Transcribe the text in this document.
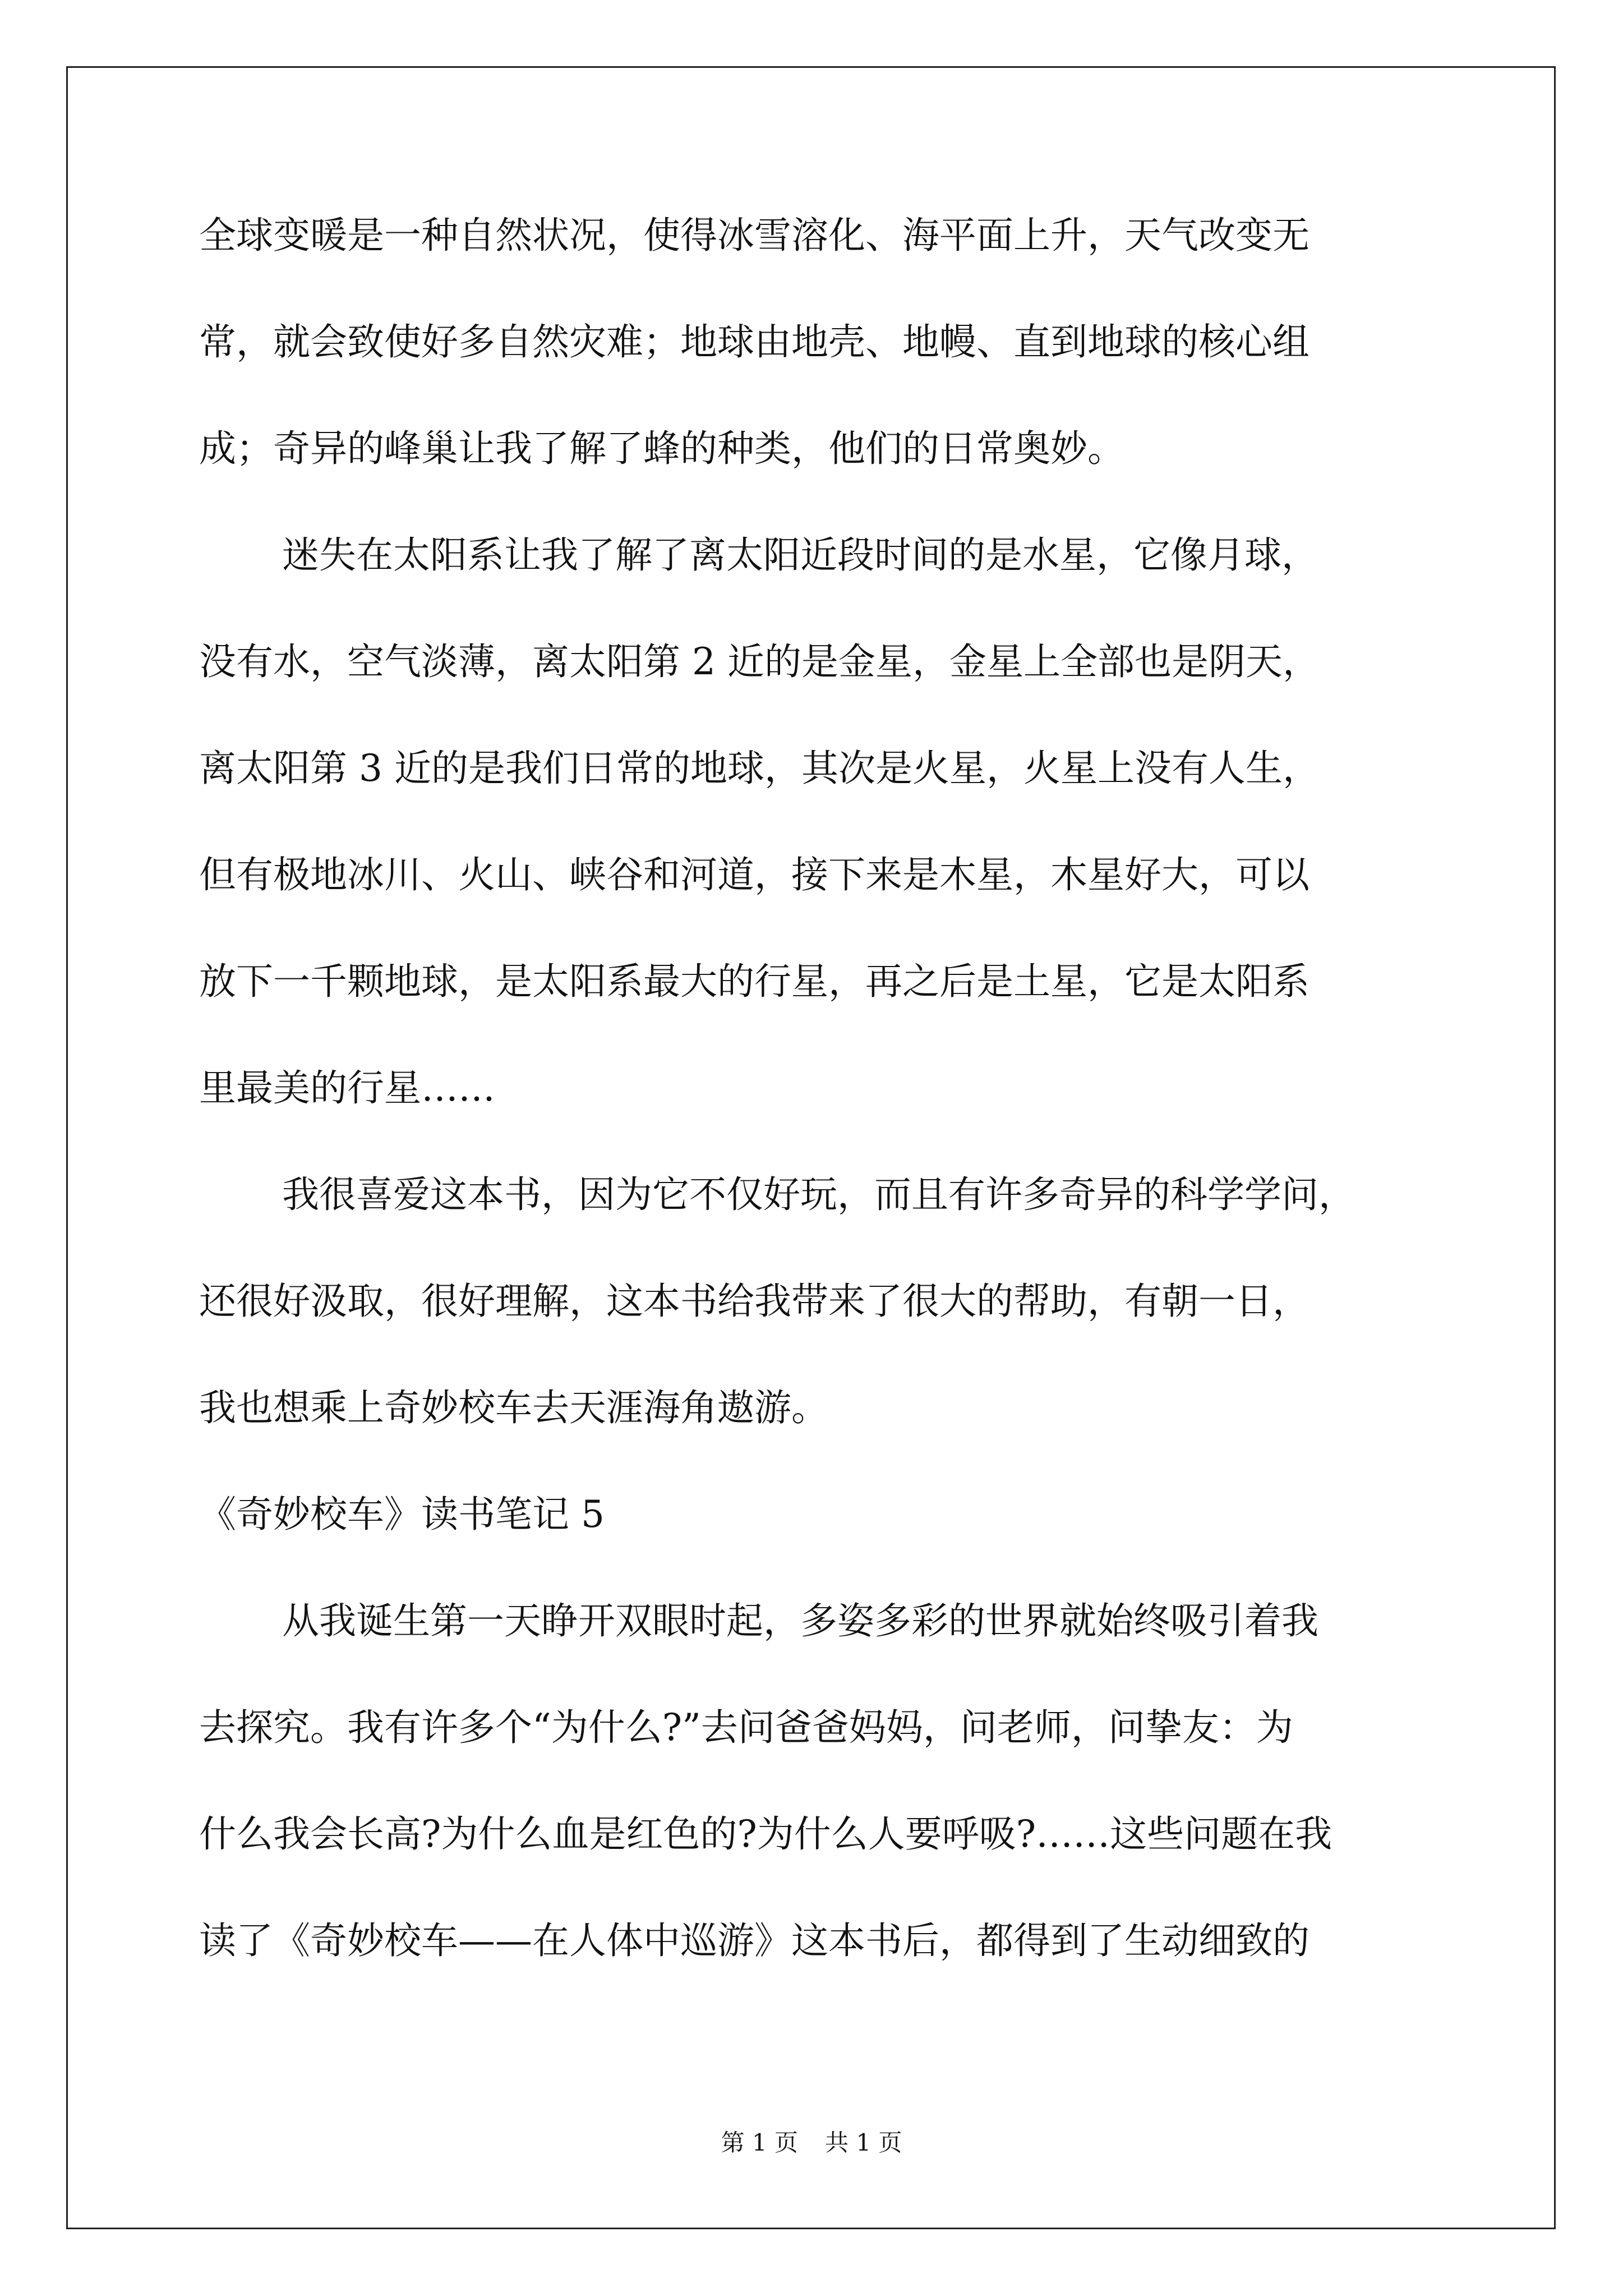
全球变暖是一种自然状况，使得冰雪溶化、海平面上升，天气改变无
常，就会致使好多自然灾难；地球由地壳、地幔、直到地球的核心组
成；奇异的峰巢让我了解了蜂的种类，他们的日常奥妙。
迷失在太阳系让我了解了离太阳近段时间的是水星，它像月球，
没有水，空气淡薄，离太阳第 2 近的是金星，金星上全部也是阴天，
离太阳第 3 近的是我们日常的地球，其次是火星，火星上没有人生，
但有极地冰川、火山、峡谷和河道，接下来是木星，木星好大，可以
放下一千颗地球，是太阳系最大的行星，再之后是土星，它是太阳系
里最美的行星……
我很喜爱这本书，因为它不仅好玩，而且有许多奇异的科学学问，
还很好汲取，很好理解，这本书给我带来了很大的帮助，有朝一日，
我也想乘上奇妙校车去天涯海角遨游。
《奇妙校车》读书笔记 5
从我诞生第一天睁开双眼时起，多姿多彩的世界就始终吸引着我
去探究。我有许多个“为什么?”去问爸爸妈妈，问老师，问挚友：为
什么我会长高?为什么血是红色的?为什么人要呼吸?……这些问题在我
读了《奇妙校车——在人体中巡游》这本书后，都得到了生动细致的
第 1 页 共 1 页
